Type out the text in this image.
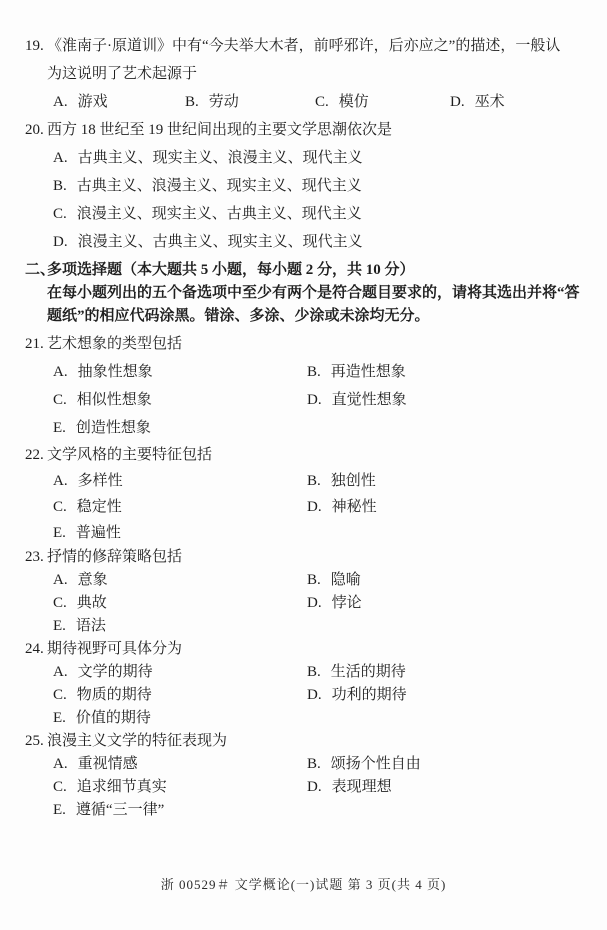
19. 《淮南子·原道训》中有“今夫举大木者，前呼邪许，后亦应之”的描述，一般认
为这说明了艺术起源于
A. 游戏	B. 劳动	C. 模仿	D. 巫术
20. 西方 18 世纪至 19 世纪间出现的主要文学思潮依次是
A. 古典主义、现实主义、浪漫主义、现代主义
B. 古典主义、浪漫主义、现实主义、现代主义
C. 浪漫主义、现实主义、古典主义、现代主义
D. 浪漫主义、古典主义、现实主义、现代主义
二、
多项选择题（本大题共 5 小题，每小题 2 分，共 10 分）
在每小题列出的五个备选项中至少有两个是符合题目要求的，请将其选出并将“答
题纸”的相应代码涂黑。错涂、多涂、少涂或未涂均无分。
21. 艺术想象的类型包括
A. 抽象性想象	B. 再造性想象
C. 相似性想象	D. 直觉性想象
E. 创造性想象
22. 文学风格的主要特征包括
A. 多样性	B. 独创性
C. 稳定性	D. 神秘性
E. 普遍性
23. 抒情的修辞策略包括
A. 意象	B. 隐喻
C. 典故	D. 悖论
E. 语法
24. 期待视野可具体分为
A. 文学的期待	B. 生活的期待
C. 物质的期待	D. 功利的期待
E. 价值的期待
25. 浪漫主义文学的特征表现为
A. 重视情感	B. 颂扬个性自由
C. 追求细节真实	D. 表现理想
E. 遵循“三一律”
浙 00529＃ 文学概论(一)试题 第 3 页(共 4 页)
